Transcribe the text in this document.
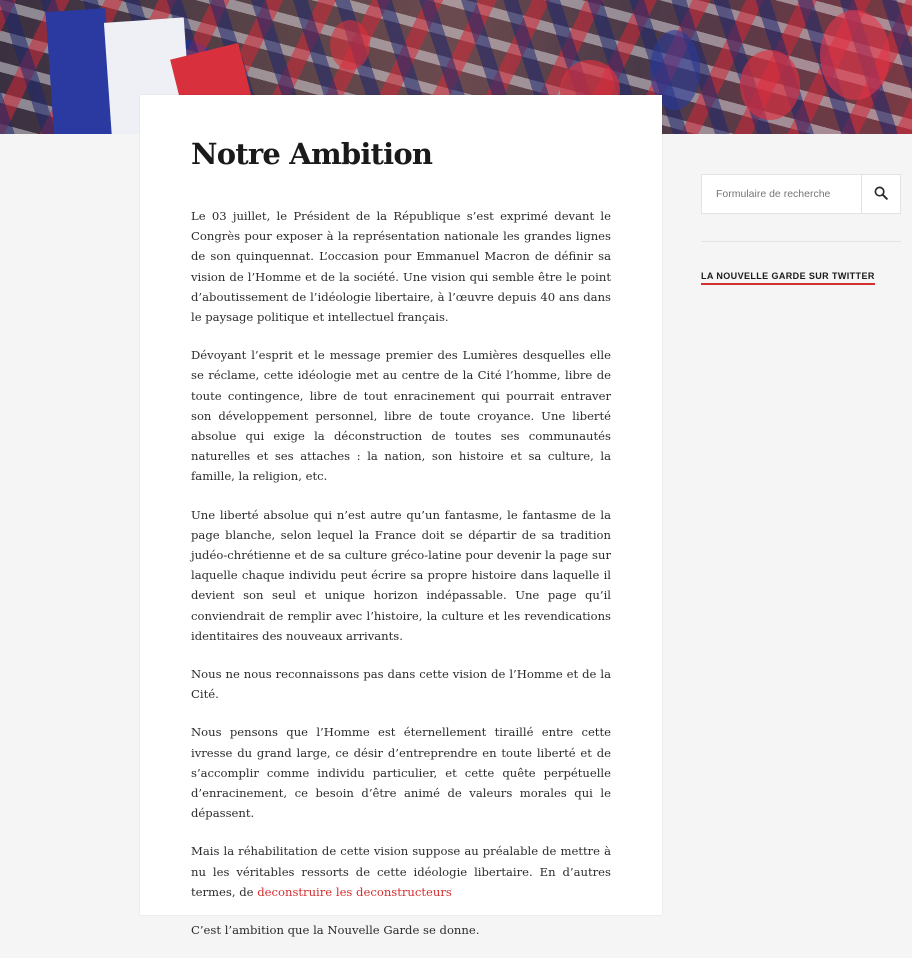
Notre Ambition

Le 03 juillet, le Président de la République s’est exprimé devant le Congrès pour exposer à la représentation nationale les grandes lignes de son quinquennat. L’occasion pour Emmanuel Macron de définir sa vision de l’Homme et de la société. Une vision qui semble être le point d’aboutissement de l’idéologie libertaire, à l’œuvre depuis 40 ans dans le paysage politique et intellectuel français.

Dévoyant l’esprit et le message premier des Lumières desquelles elle se réclame, cette idéologie met au centre de la Cité l’homme, libre de toute contingence, libre de tout enracinement qui pourrait entraver son développement personnel, libre de toute croyance. Une liberté absolue qui exige la déconstruction de toutes ses communautés naturelles et ses attaches : la nation, son histoire et sa culture, la famille, la religion, etc.

Une liberté absolue qui n’est autre qu’un fantasme, le fantasme de la page blanche, selon lequel la France doit se départir de sa tradition judéo-chrétienne et de sa culture gréco-latine pour devenir la page sur laquelle chaque individu peut écrire sa propre histoire dans laquelle il devient son seul et unique horizon indépassable. Une page qu’il conviendrait de remplir avec l’histoire, la culture et les revendications identitaires des nouveaux arrivants.

Nous ne nous reconnaissons pas dans cette vision de l’Homme et de la Cité.

Nous pensons que l’Homme est éternellement tiraillé entre cette ivresse du grand large, ce désir d’entreprendre en toute liberté et de s’accomplir comme individu particulier, et cette quête perpétuelle d’enracinement, ce besoin d’être animé de valeurs morales qui le dépassent.

Mais la réhabilitation de cette vision suppose au préalable de mettre à nu les véritables ressorts de cette idéologie libertaire. En d’autres termes, de deconstruire les deconstructeurs

C’est l’ambition que la Nouvelle Garde se donne.

Formulaire de recherche
LA NOUVELLE GARDE SUR TWITTER
